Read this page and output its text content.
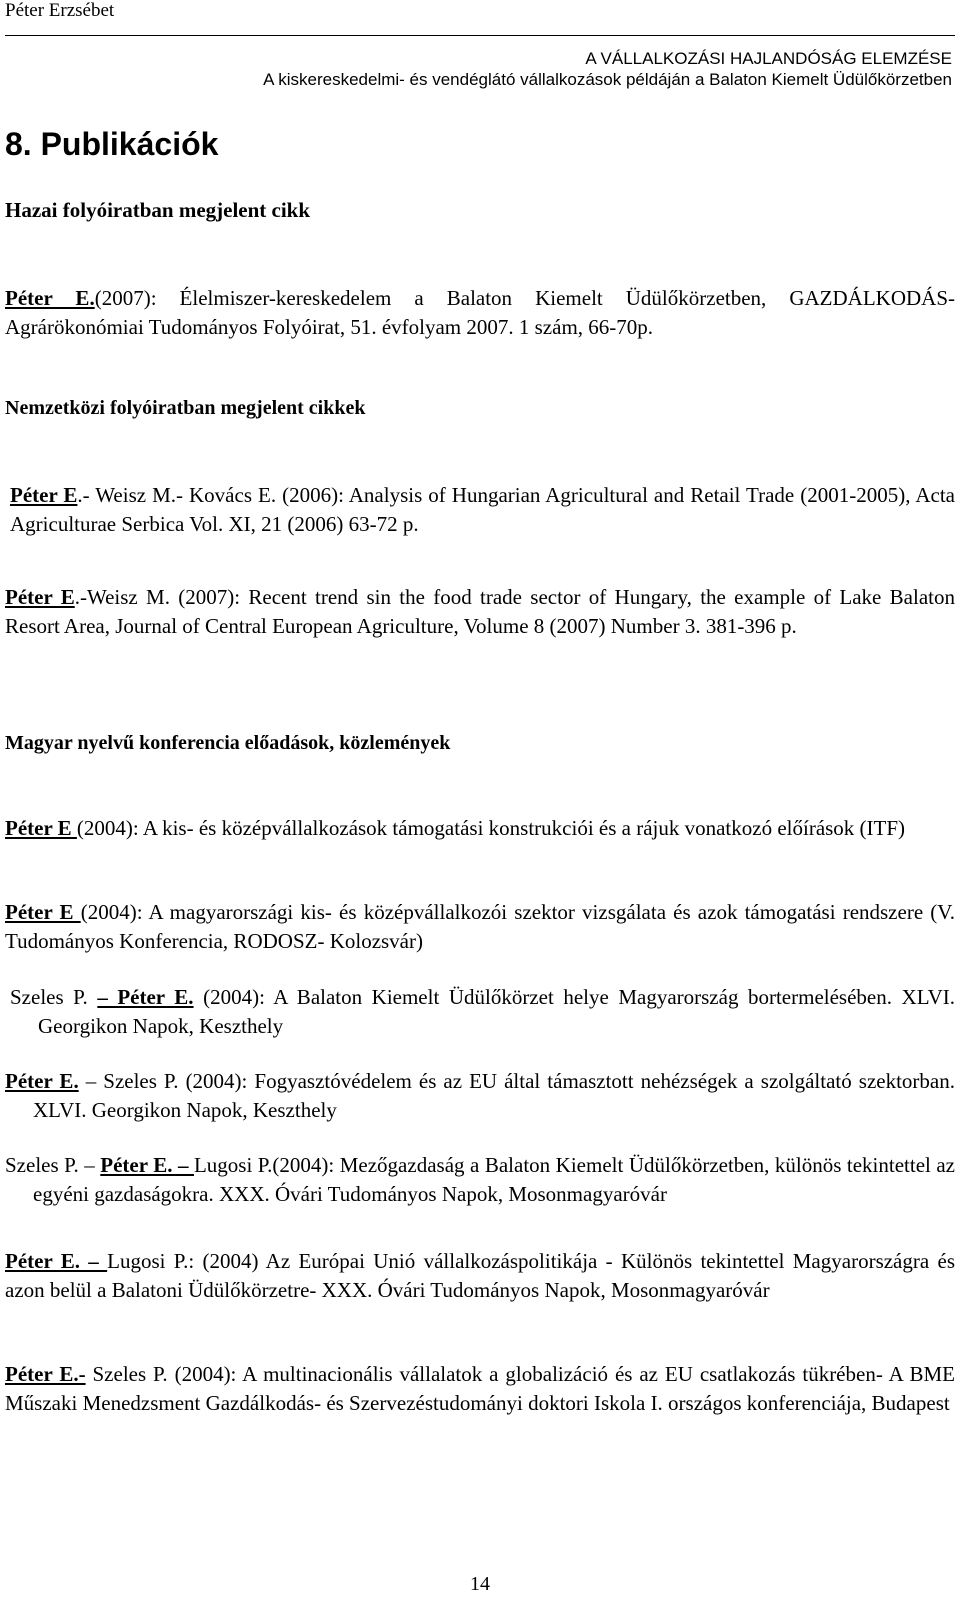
Péter Erzsébet
A VÁLLALKOZÁSI HAJLANDÓSÁG ELEMZÉSE
A kiskereskedelmi- és vendéglátó vállalkozások példáján a Balaton Kiemelt Üdülőkörzetben
8. Publikációk
Hazai folyóiratban megjelent cikk

Péter E.(2007): Élelmiszer-kereskedelem a Balaton Kiemelt Üdülőkörzetben, GAZDÁLKODÁS- Agrárökonómiai Tudományos Folyóirat, 51. évfolyam 2007. 1 szám, 66-70p.

Nemzetközi folyóiratban megjelent cikkek

Péter E.- Weisz M.- Kovács E. (2006): Analysis of Hungarian Agricultural and Retail Trade (2001-2005), Acta Agriculturae Serbica Vol. XI, 21 (2006) 63-72 p.

Péter E.-Weisz M. (2007): Recent trend sin the food trade sector of Hungary, the example of Lake Balaton Resort Area, Journal of Central European Agriculture, Volume 8 (2007) Number 3. 381-396 p.

Magyar nyelvű konferencia előadások, közlemények

Péter E (2004): A kis- és középvállalkozások támogatási konstrukciói és a rájuk vonatkozó előírások (ITF)

Péter E (2004): A magyarországi kis- és középvállalkozói szektor vizsgálata és azok támogatási rendszere (V. Tudományos Konferencia, RODOSZ- Kolozsvár)

Szeles P. – Péter E. (2004): A Balaton Kiemelt Üdülőkörzet helye Magyarország bortermelésében. XLVI. Georgikon Napok, Keszthely

Péter E. – Szeles P. (2004): Fogyasztóvédelem és az EU által támasztott nehézségek a szolgáltató szektorban. XLVI. Georgikon Napok, Keszthely

Szeles P. – Péter E. – Lugosi P.(2004): Mezőgazdaság a Balaton Kiemelt Üdülőkörzetben, különös tekintettel az egyéni gazdaságokra. XXX. Óvári Tudományos Napok, Mosonmagyaróvár

Péter E. – Lugosi P.: (2004) Az Európai Unió vállalkozáspolitikája - Különös tekintettel Magyarországra és azon belül a Balatoni Üdülőkörzetre- XXX. Óvári Tudományos Napok, Mosonmagyaróvár

Péter E.- Szeles P. (2004): A multinacionális vállalatok a globalizáció és az EU csatlakozás tükrében- A BME Műszaki Menedzsment Gazdálkodás- és Szervezéstudományi doktori Iskola I. országos konferenciája, Budapest

14
